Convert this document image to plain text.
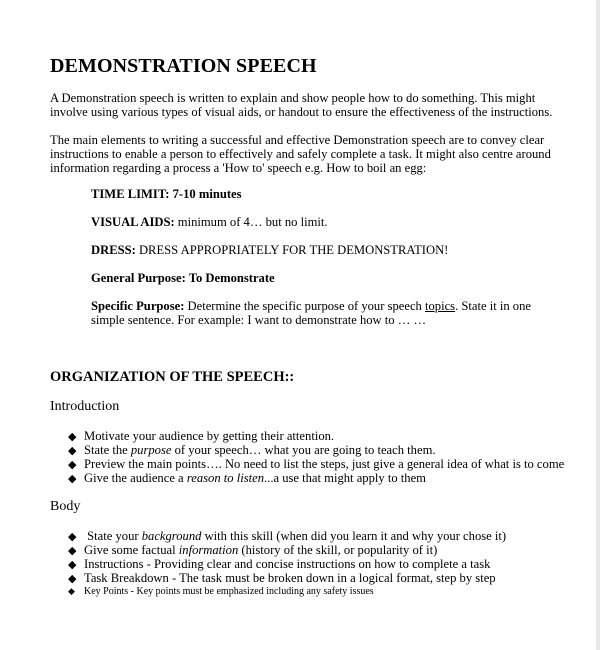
DEMONSTRATION SPEECH
A Demonstration speech is written to explain and show people how to do something. This might involve using various types of visual aids, or handout to ensure the effectiveness of the instructions.
The main elements to writing a successful and effective Demonstration speech are to convey clear instructions to enable a person to effectively and safely complete a task. It might also centre around information regarding a process a 'How to' speech e.g. How to boil an egg:
TIME LIMIT: 7-10 minutes
VISUAL AIDS: minimum of 4… but no limit.
DRESS: DRESS APPROPRIATELY FOR THE DEMONSTRATION!
General Purpose: To Demonstrate
Specific Purpose: Determine the specific purpose of your speech topics. State it in one simple sentence. For example: I want to demonstrate how to … …
ORGANIZATION OF THE SPEECH::
Introduction
◆ Motivate your audience by getting their attention.
◆ State the purpose of your speech… what you are going to teach them.
◆ Preview the main points…. No need to list the steps, just give a general idea of what is to come
◆ Give the audience a reason to listen...a use that might apply to them
Body
◆ State your background with this skill (when did you learn it and why your chose it)
◆ Give some factual information (history of the skill, or popularity of it)
◆ Instructions - Providing clear and concise instructions on how to complete a task
◆ Task Breakdown - The task must be broken down in a logical format, step by step
◆ Key Points - Key points must be emphasized including any safety issues
